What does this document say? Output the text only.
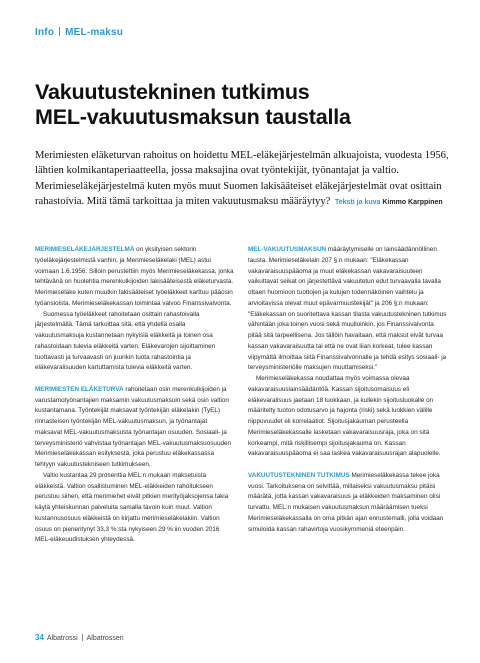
Info MEL-maksu
Vakuutustekninen tutkimus
MEL-vakuutusmaksun taustalla
Merimiesten eläketurvan rahoitus on hoidettu MEL-eläkejärjestelmän alkuajoista, vuodesta 1956, lähtien kolmikantaperiaatteella, jossa maksajina ovat työntekijät, työnantajat ja valtio. Merimieseläkejärjestelmä kuten myös muut Suomen lakisääteiset eläkejärjestelmät ovat osittain rahastoivia. Mitä tämä tarkoittaa ja miten vakuutusmaksu määräytyy? Teksti ja kuva Kimmo Karppinen

MERIMIESELÄKEJÄRJESTELMÄ on yksityisen sektorin työeläkejärjestelmistä vanhin, ja Merimieseläkelaki (MEL) astui voimaan 1.6.1956. Silloin perustettiin myös Merimieseläkekassa, jonka tehtävänä on huolehtia merenkulkijoiden lakisääteisestä eläketurvasta. Merimieseläke kuten muutkin lakisääteiset työeläkkeet karttuu pääosin työansioista. Merimieseläkekassan toimintaa valvoo Finanssivalvonta.

Suomessa työeläkkeet rahoitetaan osittain rahastoivalla järjestelmällä. Tämä tarkoittaa sitä, että yhdellä osalla vakuutusmaksuja kustannetaan nykyisiä eläkkeitä ja toinen osa rahastoidaan tulevia eläkkeitä varten. Eläkevarojen sijoittaminen tuottavasti ja turvaavasti on juurikin tuota rahastointia ja eläkevaralisuuden kartuttamista tulevia eläkkeitä varten.

MERIMIESTEN ELÄKETURVA rahoitetaan osin merenkulkijoiden ja varustamotyönantajien maksamin vakuutusmaksuin sekä osin valtion kustantamana. Työntekijät maksavat työntekijän eläkelakin (TyEL) rinnasteisen työntekijän MEL-vakuutusmaksun, ja työnantajat maksavat MEL-vakuutusmaksusta työnantajan osuuden. Sosiaali- ja terveysministeriö vahvistaa työnantajan MEL-vakuutusmaksuosuuden Merimieseläkekassan esityksestä, joka perustuu eläkekassassa tehtyyn vakuutustekniseen tutkimukseen.

Valtio kustantaa 29 prosenttia MEL:n mukaan maksetuista eläkkeistä. Valtion osallistuminen MEL-eläkkeiden rahoitukseen perustuu siihen, että merimiehet eivät pitkien merityöjaksojensa takia käytä yhteiskunnan palveluita samalla tavoin kuin muut. Valtion kustannusosuus eläkkeistä on kirjattu merimieseläkelakiin. Valtion osuus on pienentynyt 33,3 %:sta nykyiseen 29 %:iin vuoden 2016 MEL-eläkeuudistuksen yhteydessä.

MEL-VAKUUTUSMAKSUN määräytymiselle on lainsäädännöllinen tausta. Merimieseläkelain 207 §:n mukaan: "Eläkekassan vakavaraisuuspääoma ja muut eläkekassan vakavaraisuuteen vaikuttavat seikat on järjestettävä vakuutetun edut turvaavalla tavalla ottaen huomioon tuottojen ja kulujen todennäköinen vaihtelu ja arvioitavissa olevat muut epävarmuustekijät" ja 206 §:n mukaan: "Eläkekassan on suoritettava kassan tilasta vakuutustekninen tutkimus vähintään joka toinen vuosi sekä muulloinkin, jos Finanssivalvonta pitää sitä tarpeellisena. Jos tällöin havaitaan, että maksut eivät turvaa kassan vakavaraisuutta tai että ne ovat liian korkeat, tulee kassan viipymättä ilmoittaa siitä Finanssivalvonnalle ja tehdä esitys sosiaali- ja terveysministeriölle maksujen muuttamiseksi."

Merimieseläkekassa noudattaa myös voimassa olevaa vakavaraisuuslainsäädäntöä. Kassan sijoitusomaisuus eli eläkevaralisuus jaetaan 18 luokkaan, ja kullekin sijoitusluokalle on määritelty tuoton odotusarvo ja hajonta (riski) sekä luokkien välille riippuvuudet eli korrelaatiot. Sijoitusjakauman perusteella Merimieseläkekassalle lasketaan vakavaraisuusraja, joka on sitä korkeampi, mitä riskillisempi sijoitusjakauma on. Kassan vakavaraisuuspääoma ei saa laskea vakavaraisuusrajan alapuolelle.

VAKUUTUSTEKNINEN TUTKIMUS Merimieseläkekassa tekee joka vuosi. Tarkoituksena on selvittää, millaiseksi vakuutusmaksu pitäisi määrätä, jotta kassan vakavaraisuus ja eläkkeiden maksaminen olisi turvattu. MEL:n mukaisen vakuutusmaksun määräämisen tueksi Merimieseläkekassalla on oma pitkän ajan ennustemalli, jolla voidaan simuloida kassan rahavirtoja vuosikymmeniä eteenpäin.

34 Albatrossi Albatrossen
